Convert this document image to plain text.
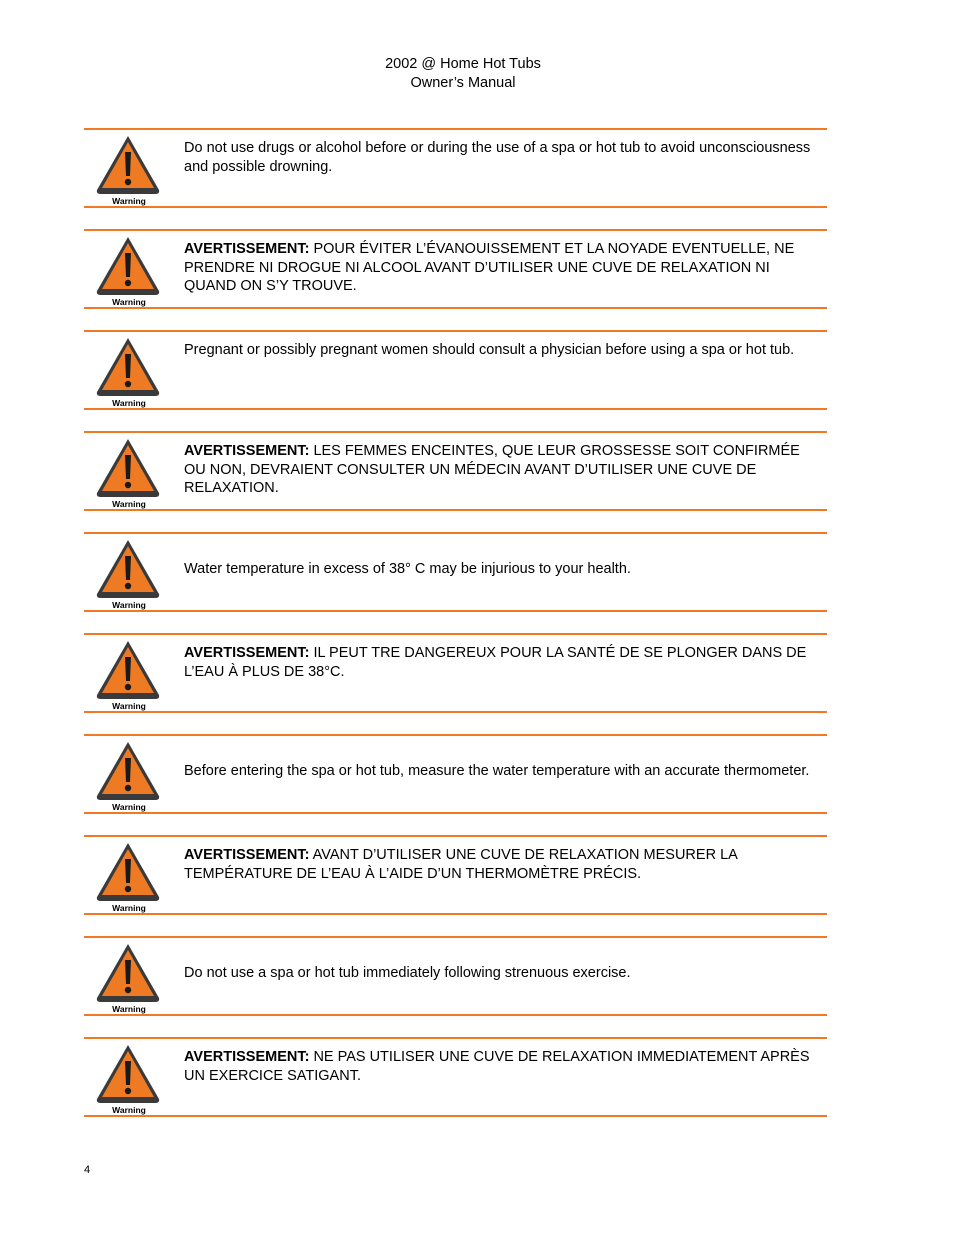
2002 @ Home Hot Tubs
Owner’s Manual
Warning
Do not use drugs or alcohol before or during the use of a spa or hot tub to avoid unconsciousness and possible drowning.
Warning
AVERTISSEMENT: POUR ÉVITER L’ÉVANOUISSEMENT ET LA NOYADE EVENTUELLE, NE PRENDRE NI DROGUE NI ALCOOL AVANT D’UTILISER UNE CUVE DE RELAXATION NI QUAND ON S’Y TROUVE.
Warning
Pregnant or possibly pregnant women should consult a physician before using a spa or hot tub.
Warning
AVERTISSEMENT: LES FEMMES ENCEINTES, QUE LEUR GROSSESSE SOIT CONFIRMÉE OU NON, DEVRAIENT CONSULTER UN MÉDECIN AVANT D’UTILISER UNE CUVE DE RELAXATION.
Warning
Water temperature in excess of 38° C may be injurious to your health.
Warning
AVERTISSEMENT: IL PEUT TRE DANGEREUX POUR LA SANTÉ DE SE PLONGER DANS DE L’EAU À PLUS DE 38°C.
Warning
Before entering the spa or hot tub, measure the water temperature with an accurate thermometer.
Warning
AVERTISSEMENT: AVANT D’UTILISER UNE CUVE DE RELAXATION MESURER LA TEMPÉRATURE DE L’EAU À L’AIDE D’UN THERMOMÈTRE PRÉCIS.
Warning
Do not use a spa or hot tub immediately following strenuous exercise.
Warning
AVERTISSEMENT: NE PAS UTILISER UNE CUVE DE RELAXATION IMMEDIATEMENT APRÈS UN EXERCICE SATIGANT.
4
